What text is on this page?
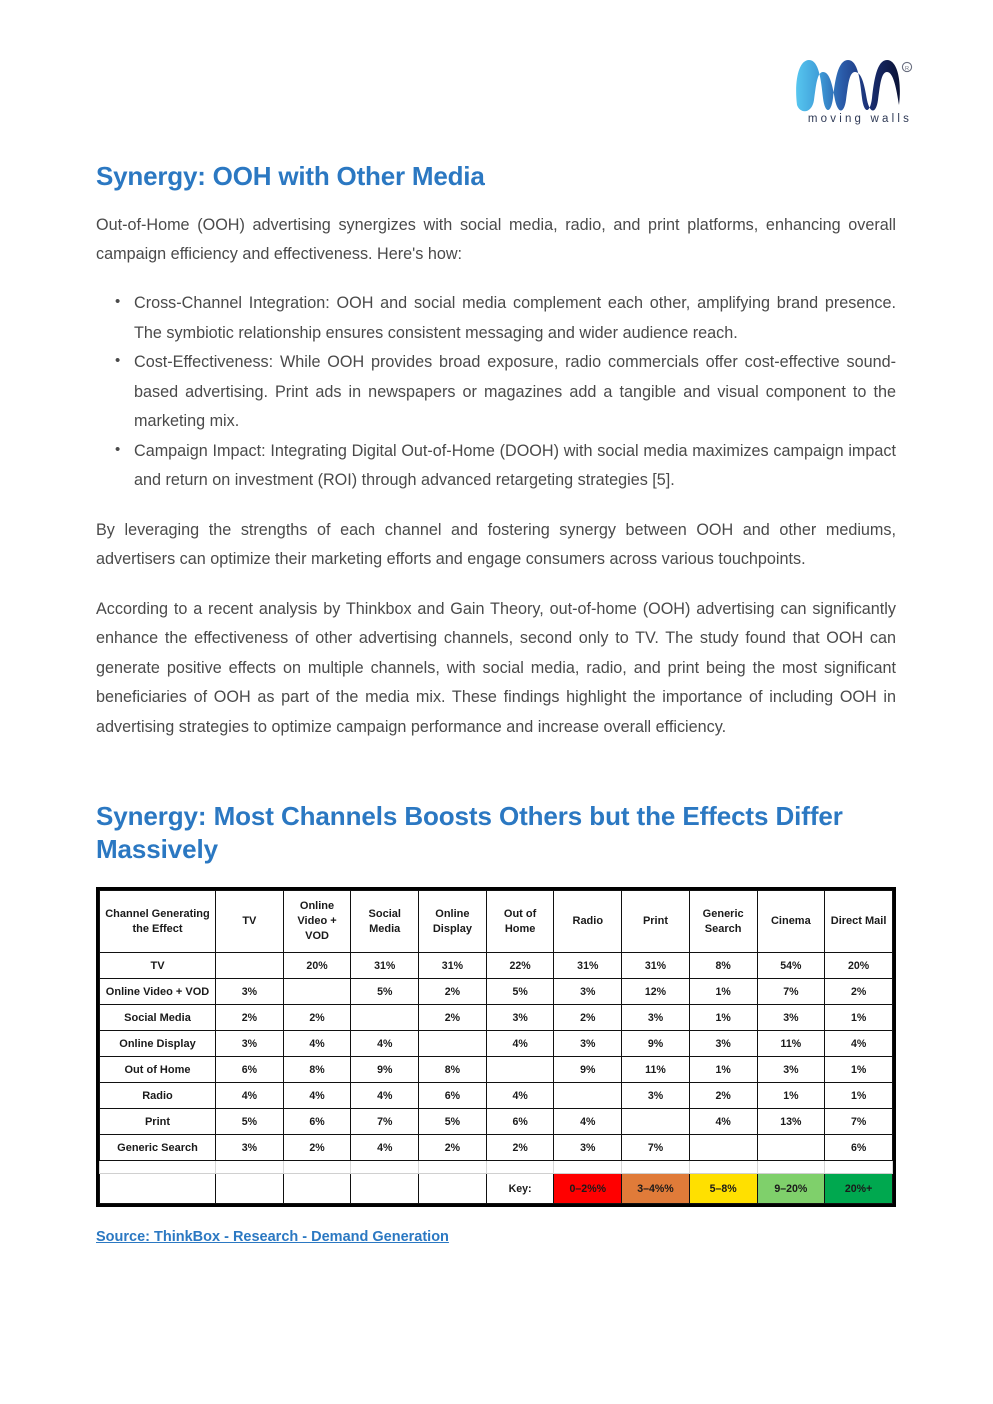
R
moving walls
Synergy: OOH with Other Media

Out-of-Home (OOH) advertising synergizes with social media, radio, and print platforms, enhancing overall campaign efficiency and effectiveness. Here's how:

• Cross-Channel Integration: OOH and social media complement each other, amplifying brand presence. The symbiotic relationship ensures consistent messaging and wider audience reach.
• Cost-Effectiveness: While OOH provides broad exposure, radio commercials offer cost-effective sound-based advertising. Print ads in newspapers or magazines add a tangible and visual component to the marketing mix.
• Campaign Impact: Integrating Digital Out-of-Home (DOOH) with social media maximizes campaign impact and return on investment (ROI) through advanced retargeting strategies [5].

By leveraging the strengths of each channel and fostering synergy between OOH and other mediums, advertisers can optimize their marketing efforts and engage consumers across various touchpoints.

According to a recent analysis by Thinkbox and Gain Theory, out-of-home (OOH) advertising can significantly enhance the effectiveness of other advertising channels, second only to TV. The study found that OOH can generate positive effects on multiple channels, with social media, radio, and print being the most significant beneficiaries of OOH as part of the media mix. These findings highlight the importance of including OOH in advertising strategies to optimize campaign performance and increase overall efficiency.

Synergy: Most Channels Boosts Others but the Effects Differ Massively
Channel Generating the Effect	TV	Online Video + VOD	Social Media	Online Display	Out of Home	Radio	Print	Generic Search	Cinema	Direct Mail
TV		20%	31%	31%	22%	31%	31%	8%	54%	20%
Online Video + VOD	3%		5%	2%	5%	3%	12%	1%	7%	2%
Social Media	2%	2%		2%	3%	2%	3%	1%	3%	1%
Online Display	3%	4%	4%		4%	3%	9%	3%	11%	4%
Out of Home	6%	8%	9%	8%		9%	11%	1%	3%	1%
Radio	4%	4%	4%	6%	4%		3%	2%	1%	1%
Print	5%	6%	7%	5%	6%	4%		4%	13%	7%
Generic Search	3%	2%	4%	2%	2%	3%	7%			6%

					Key:	0–2%%	3–4%%	5–8%	9–20%	20%+
Source: ThinkBox - Research - Demand Generation
